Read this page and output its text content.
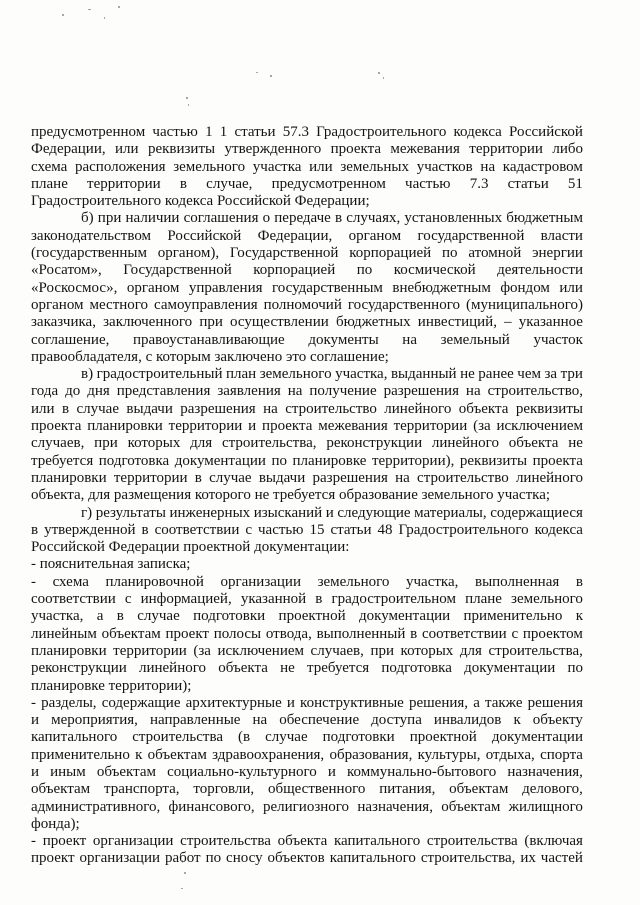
предусмотренном частью 1 1 статьи 57.3 Градостроительного кодекса Российской
Федерации, или реквизиты утвержденного проекта межевания территории либо
схема расположения земельного участка или земельных участков на кадастровом
плане территории в случае, предусмотренном частью 7.3 статьи 51
Градостроительного кодекса Российской Федерации;
б) при наличии соглашения о передаче в случаях, установленных бюджетным
законодательством Российской Федерации, органом государственной власти
(государственным органом), Государственной корпорацией по атомной энергии
«Росатом», Государственной корпорацией по космической деятельности
«Роскосмос», органом управления государственным внебюджетным фондом или
органом местного самоуправления полномочий государственного (муниципального)
заказчика, заключенного при осуществлении бюджетных инвестиций, – указанное
соглашение, правоустанавливающие документы на земельный участок
правообладателя, с которым заключено это соглашение;
в) градостроительный план земельного участка, выданный не ранее чем за три
года до дня представления заявления на получение разрешения на строительство,
или в случае выдачи разрешения на строительство линейного объекта реквизиты
проекта планировки территории и проекта межевания территории (за исключением
случаев, при которых для строительства, реконструкции линейного объекта не
требуется подготовка документации по планировке территории), реквизиты проекта
планировки территории в случае выдачи разрешения на строительство линейного
объекта, для размещения которого не требуется образование земельного участка;
г) результаты инженерных изысканий и следующие материалы, содержащиеся
в утвержденной в соответствии с частью 15 статьи 48 Градостроительного кодекса
Российской Федерации проектной документации:
- пояснительная записка;
- схема планировочной организации земельного участка, выполненная в
соответствии с информацией, указанной в градостроительном плане земельного
участка, а в случае подготовки проектной документации применительно к
линейным объектам проект полосы отвода, выполненный в соответствии с проектом
планировки территории (за исключением случаев, при которых для строительства,
реконструкции линейного объекта не требуется подготовка документации по
планировке территории);
- разделы, содержащие архитектурные и конструктивные решения, а также решения
и мероприятия, направленные на обеспечение доступа инвалидов к объекту
капитального строительства (в случае подготовки проектной документации
применительно к объектам здравоохранения, образования, культуры, отдыха, спорта
и иным объектам социально-культурного и коммунально-бытового назначения,
объектам транспорта, торговли, общественного питания, объектам делового,
административного, финансового, религиозного назначения, объектам жилищного
фонда);
- проект организации строительства объекта капитального строительства (включая
проект организации работ по сносу объектов капитального строительства, их частей
